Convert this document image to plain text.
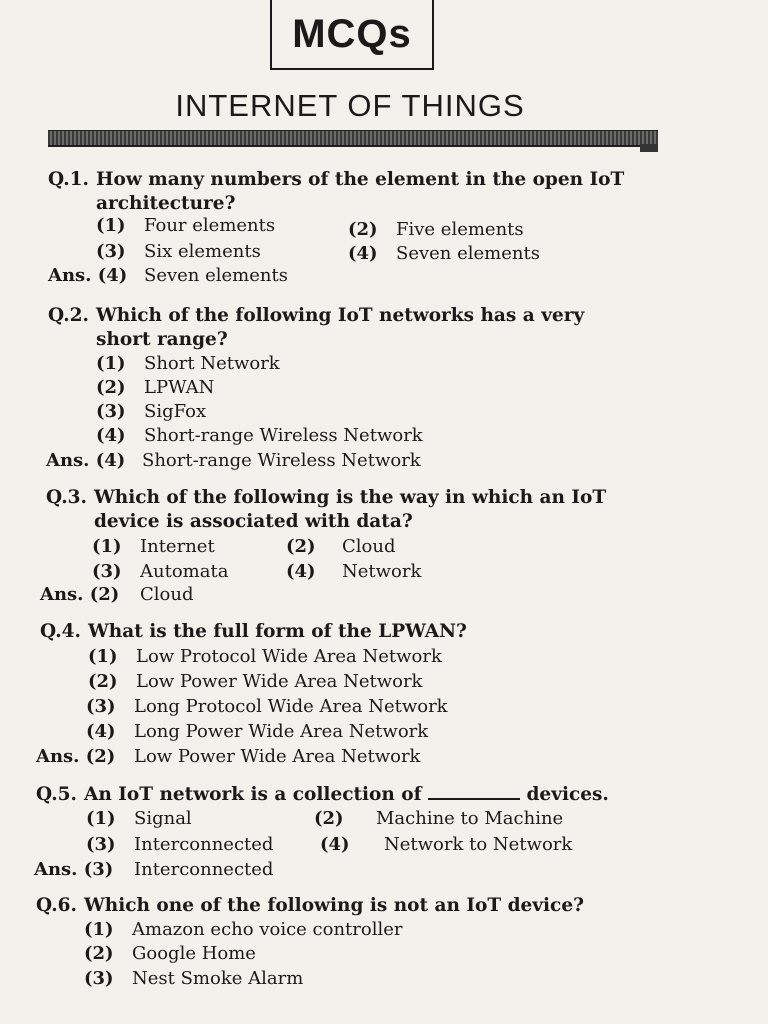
MCQs
INTERNET OF THINGS
Q.1. How many numbers of the element in the open IoT
architecture?
(1) Four elements	(2) Five elements
(3) Six elements	(4) Seven elements
Ans. (4) Seven elements
Q.2. Which of the following IoT networks has a very
short range?
(1) Short Network
(2) LPWAN
(3) SigFox
(4) Short-range Wireless Network
Ans. (4) Short-range Wireless Network
Q.3. Which of the following is the way in which an IoT
device is associated with data?
(1) Internet	(2) Cloud
(3) Automata	(4) Network
Ans. (2) Cloud
Q.4. What is the full form of the LPWAN?
(1) Low Protocol Wide Area Network
(2) Low Power Wide Area Network
(3) Long Protocol Wide Area Network
(4) Long Power Wide Area Network
Ans. (2) Low Power Wide Area Network
Q.5. An IoT network is a collection of	devices.
(1) Signal	(2) Machine to Machine
(3) Interconnected	(4) Network to Network
Ans. (3) Interconnected
Q.6. Which one of the following is not an IoT device?
(1) Amazon echo voice controller
(2) Google Home
(3) Nest Smoke Alarm
